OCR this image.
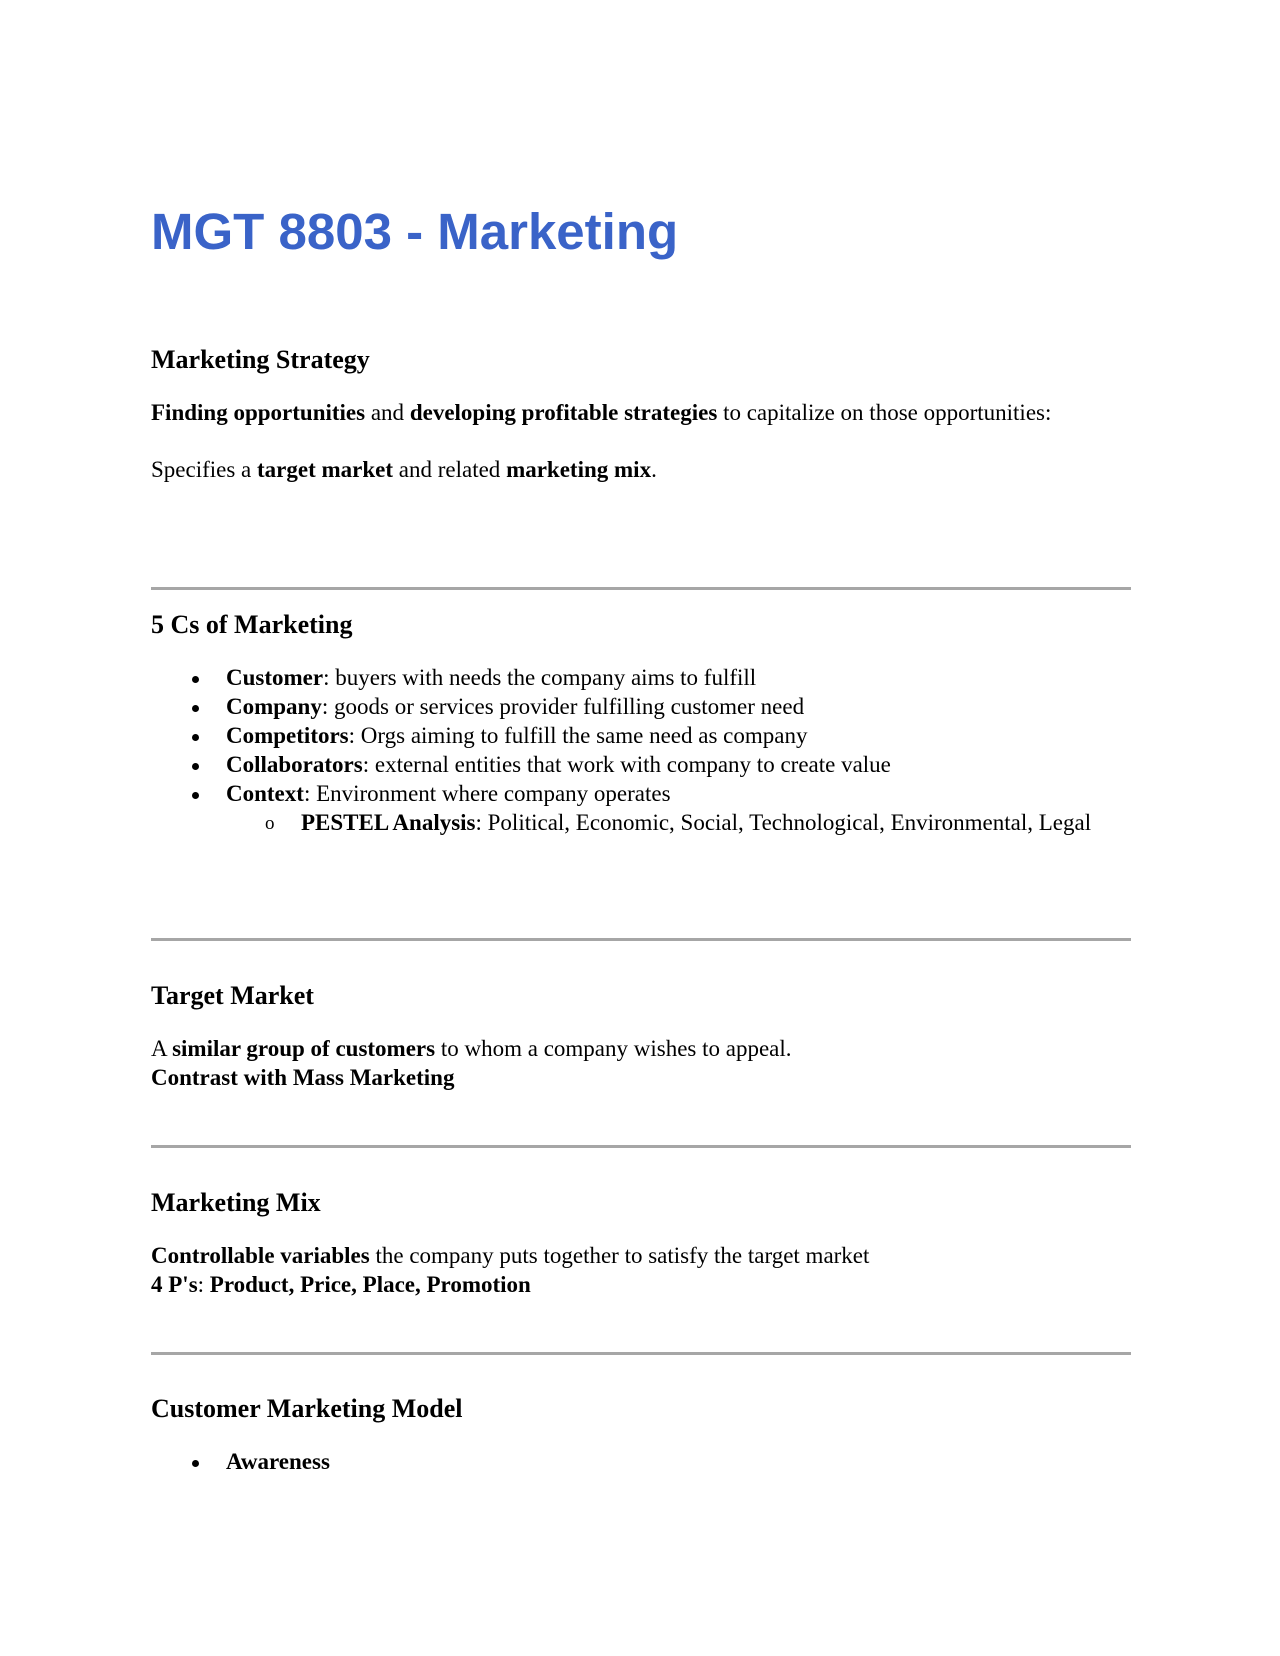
MGT 8803 - Marketing
Marketing Strategy

Finding opportunities and developing profitable strategies to capitalize on those opportunities:

Specifies a target market and related marketing mix.

5 Cs of Marketing
Customer: buyers with needs the company aims to fulfill
Company: goods or services provider fulfilling customer need
Competitors: Orgs aiming to fulfill the same need as company
Collaborators: external entities that work with company to create value
Context: Environment where company operates
o PESTEL Analysis: Political, Economic, Social, Technological, Environmental, Legal
Target Market

A similar group of customers to whom a company wishes to appeal.

Contrast with Mass Marketing

Marketing Mix

Controllable variables the company puts together to satisfy the target market

4 P's: Product, Price, Place, Promotion

Customer Marketing Model
Awareness
